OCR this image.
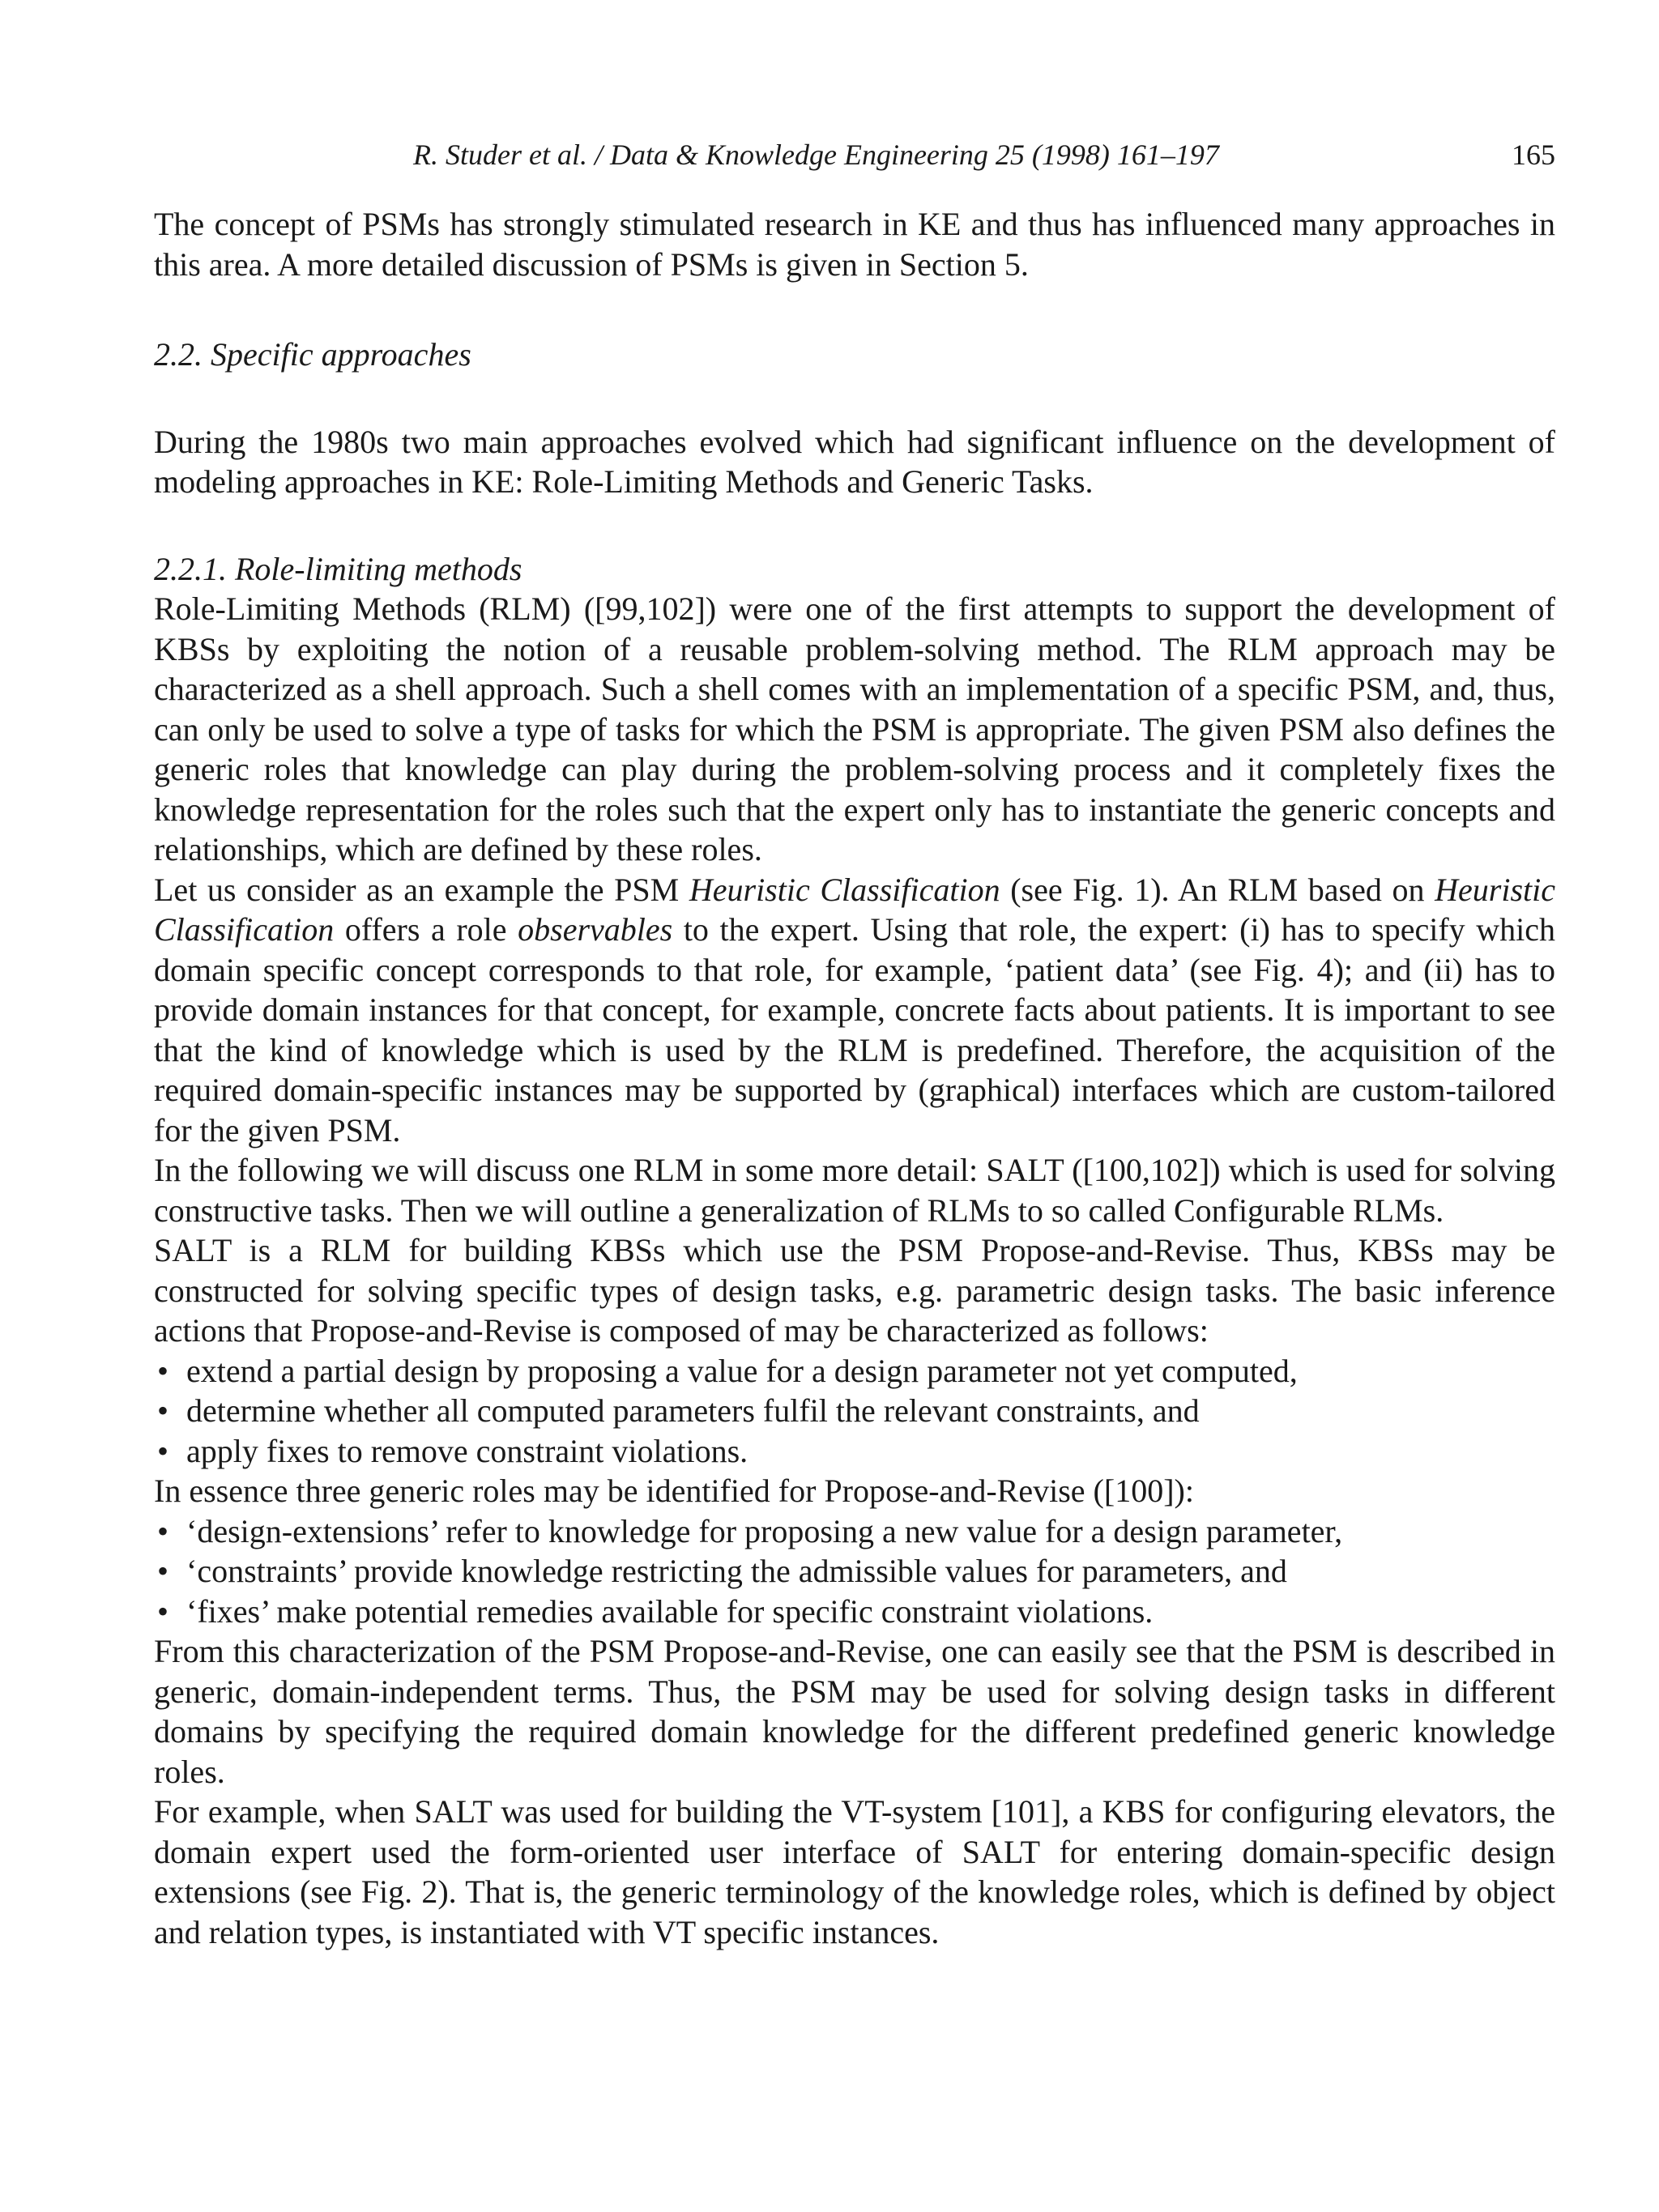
R. Studer et al. / Data & Knowledge Engineering 25 (1998) 161–197	165

The concept of PSMs has strongly stimulated research in KE and thus has influenced many approaches in this area. A more detailed discussion of PSMs is given in Section 5.

2.2. Specific approaches

During the 1980s two main approaches evolved which had significant influence on the development of modeling approaches in KE: Role-Limiting Methods and Generic Tasks.

2.2.1. Role-limiting methods

Role-Limiting Methods (RLM) ([99,102]) were one of the first attempts to support the development of KBSs by exploiting the notion of a reusable problem-solving method. The RLM approach may be characterized as a shell approach. Such a shell comes with an implementation of a specific PSM, and, thus, can only be used to solve a type of tasks for which the PSM is appropriate. The given PSM also defines the generic roles that knowledge can play during the problem-solving process and it completely fixes the knowledge representation for the roles such that the expert only has to instantiate the generic concepts and relationships, which are defined by these roles.

Let us consider as an example the PSM Heuristic Classification (see Fig. 1). An RLM based on Heuristic Classification offers a role observables to the expert. Using that role, the expert: (i) has to specify which domain specific concept corresponds to that role, for example, ‘patient data’ (see Fig. 4); and (ii) has to provide domain instances for that concept, for example, concrete facts about patients. It is important to see that the kind of knowledge which is used by the RLM is predefined. Therefore, the acquisition of the required domain-specific instances may be supported by (graphical) interfaces which are custom-tailored for the given PSM.

In the following we will discuss one RLM in some more detail: SALT ([100,102]) which is used for solving constructive tasks. Then we will outline a generalization of RLMs to so called Configurable RLMs.

SALT is a RLM for building KBSs which use the PSM Propose-and-Revise. Thus, KBSs may be constructed for solving specific types of design tasks, e.g. parametric design tasks. The basic inference actions that Propose-and-Revise is composed of may be characterized as follows:

• extend a partial design by proposing a value for a design parameter not yet computed,
• determine whether all computed parameters fulfil the relevant constraints, and
• apply fixes to remove constraint violations.

In essence three generic roles may be identified for Propose-and-Revise ([100]):

• ‘design-extensions’ refer to knowledge for proposing a new value for a design parameter,
• ‘constraints’ provide knowledge restricting the admissible values for parameters, and
• ‘fixes’ make potential remedies available for specific constraint violations.

From this characterization of the PSM Propose-and-Revise, one can easily see that the PSM is described in generic, domain-independent terms. Thus, the PSM may be used for solving design tasks in different domains by specifying the required domain knowledge for the different predefined generic knowledge roles.

For example, when SALT was used for building the VT-system [101], a KBS for configuring elevators, the domain expert used the form-oriented user interface of SALT for entering domain-specific design extensions (see Fig. 2). That is, the generic terminology of the knowledge roles, which is defined by object and relation types, is instantiated with VT specific instances.
